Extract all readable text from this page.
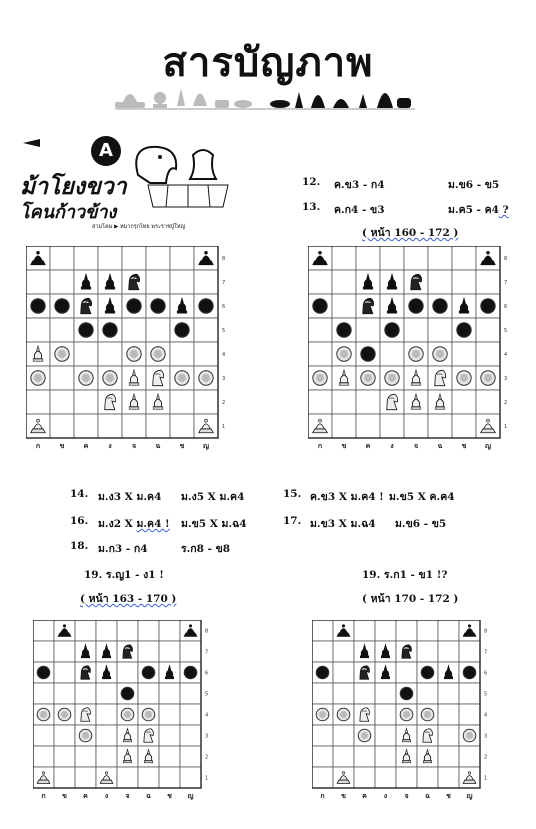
สารบัญภาพ
A
ม้าโยงขวา
โคนก้าวข้าง
สามโคม ▶ หมากรุกไทย พระราชปู่ใหญ่
12. ค.ข3 - ก4	ม.ข6 - ข5
13. ค.ก4 - ข3	ม.ค5 - ค4 ?
( หน้า 160 - 172 )
8
7
6
5
4
3
2
1
ก	ข	ค	ง	จ	ฉ	ช	ญ
8
7
6
5
4
3
2
1
ก	ข	ค	ง	จ	ฉ	ช	ญ
8
7
6
5
4
3
2
1
ก ข ค ง จ ฉ ช ญ
8
7
6
5
4
3
2
1
ก ข ค ง จ ฉ ช ญ
14. ม.ง3 X ม.ค4 ม.ง5 X ม.ค4	15. ค.ข3 X ม.ค4 ! ม.ข5 X ค.ค4
16. ม.ง2 X ม.ค4 ! ม.ข5 X ม.ฉ4	17. ม.ข3 X ม.ฉ4 ม.ข6 - ข5
18. ม.ก3 - ก4	ร.ก8 - ข8
19. ร.ญ1 - ง1 !
( หน้า 163 - 170 )
19. ร.ก1 - ข1 !?
( หน้า 170 - 172 )
